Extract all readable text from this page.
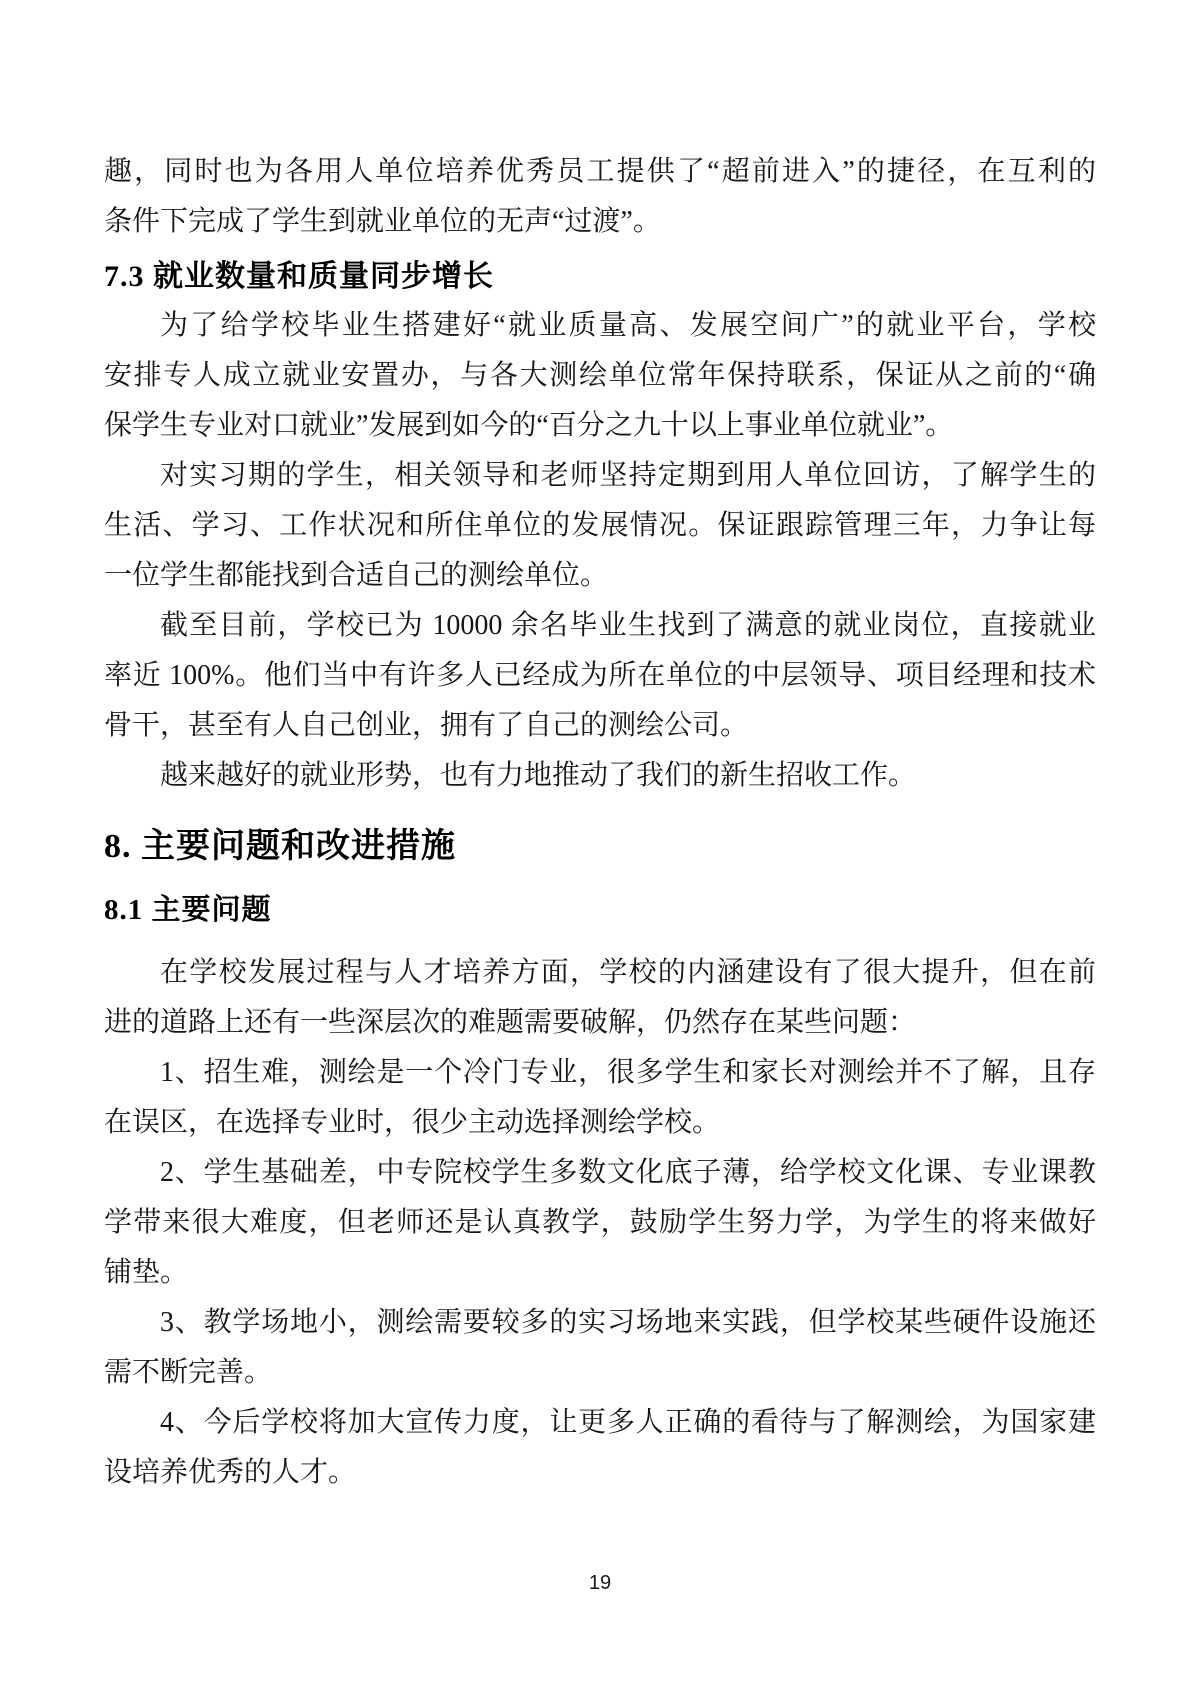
趣，同时也为各用人单位培养优秀员工提供了“超前进入”的捷径，在互利的
条件下完成了学生到就业单位的无声“过渡”。
7.3 就业数量和质量同步增长
为了给学校毕业生搭建好“就业质量高、发展空间广”的就业平台，学校
安排专人成立就业安置办，与各大测绘单位常年保持联系，保证从之前的“确
保学生专业对口就业”发展到如今的“百分之九十以上事业单位就业”。
对实习期的学生，相关领导和老师坚持定期到用人单位回访，了解学生的
生活、学习、工作状况和所住单位的发展情况。保证跟踪管理三年，力争让每
一位学生都能找到合适自己的测绘单位。
截至目前，学校已为 10000 余名毕业生找到了满意的就业岗位，直接就业
率近 100%。他们当中有许多人已经成为所在单位的中层领导、项目经理和技术
骨干，甚至有人自己创业，拥有了自己的测绘公司。
越来越好的就业形势，也有力地推动了我们的新生招收工作。
8. 主要问题和改进措施
8.1 主要问题
在学校发展过程与人才培养方面，学校的内涵建设有了很大提升，但在前
进的道路上还有一些深层次的难题需要破解，仍然存在某些问题：
1、招生难，测绘是一个冷门专业，很多学生和家长对测绘并不了解，且存
在误区，在选择专业时，很少主动选择测绘学校。
2、学生基础差，中专院校学生多数文化底子薄，给学校文化课、专业课教
学带来很大难度，但老师还是认真教学，鼓励学生努力学，为学生的将来做好
铺垫。
3、教学场地小，测绘需要较多的实习场地来实践，但学校某些硬件设施还
需不断完善。
4、今后学校将加大宣传力度，让更多人正确的看待与了解测绘，为国家建
设培养优秀的人才。
19
